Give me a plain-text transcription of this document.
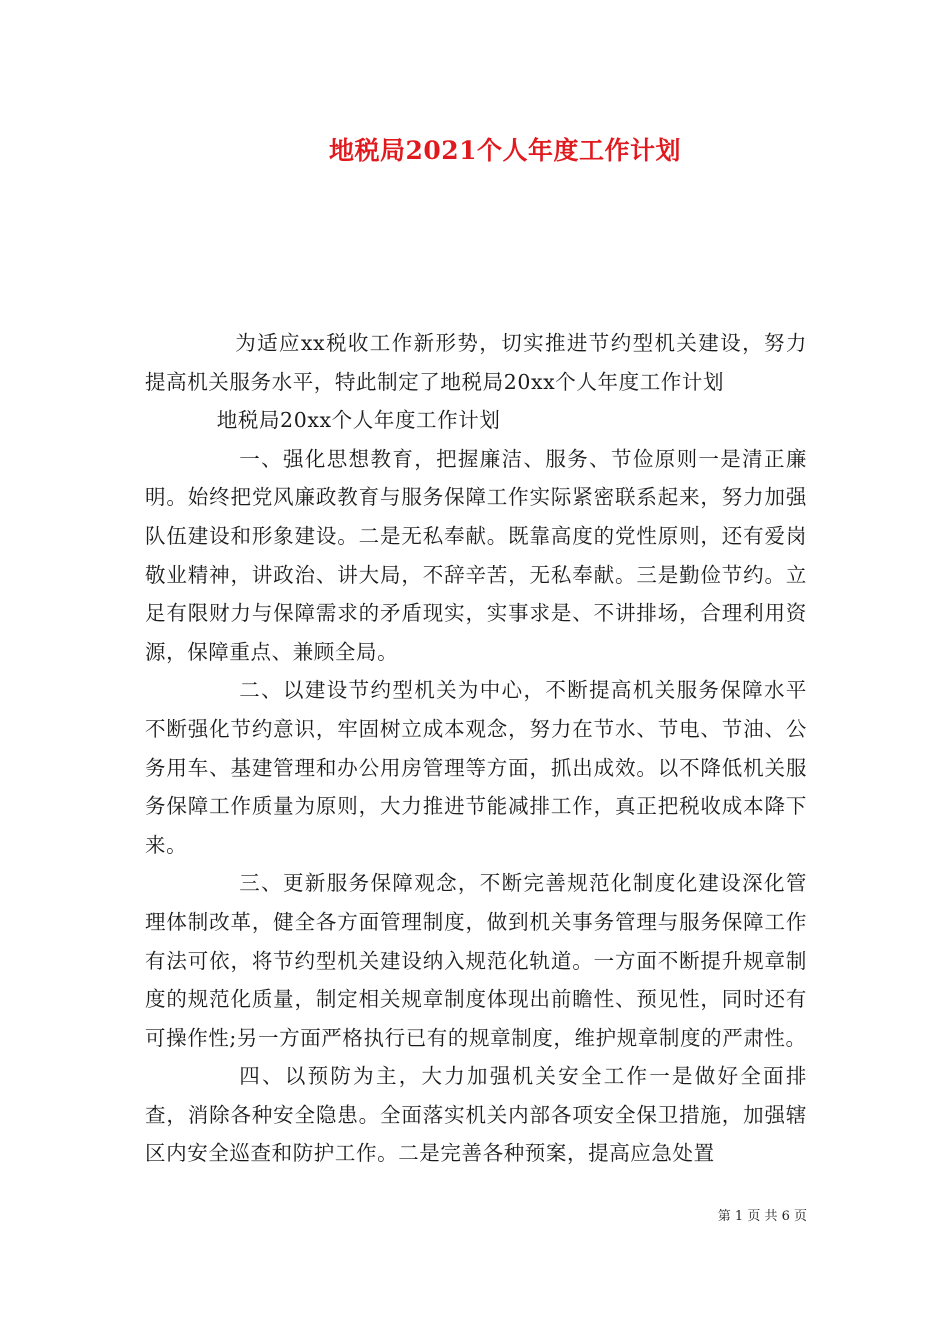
地税局2021个人年度工作计划

为适应xx税收工作新形势，切实推进节约型机关建设，努力提高机关服务水平，特此制定了地税局20xx个人年度工作计划

地税局20xx个人年度工作计划

一、强化思想教育，把握廉洁、服务、节俭原则一是清正廉明。始终把党风廉政教育与服务保障工作实际紧密联系起来，努力加强队伍建设和形象建设。二是无私奉献。既靠高度的党性原则，还有爱岗敬业精神，讲政治、讲大局，不辞辛苦，无私奉献。三是勤俭节约。立足有限财力与保障需求的矛盾现实，实事求是、不讲排场，合理利用资源，保障重点、兼顾全局。

二、以建设节约型机关为中心，不断提高机关服务保障水平不断强化节约意识，牢固树立成本观念，努力在节水、节电、节油、公务用车、基建管理和办公用房管理等方面，抓出成效。以不降低机关服务保障工作质量为原则，大力推进节能减排工作，真正把税收成本降下来。

三、更新服务保障观念，不断完善规范化制度化建设深化管理体制改革，健全各方面管理制度，做到机关事务管理与服务保障工作有法可依，将节约型机关建设纳入规范化轨道。一方面不断提升规章制度的规范化质量，制定相关规章制度体现出前瞻性、预见性，同时还有可操作性;另一方面严格执行已有的规章制度，维护规章制度的严肃性。

四、以预防为主，大力加强机关安全工作一是做好全面排查，消除各种安全隐患。全面落实机关内部各项安全保卫措施，加强辖区内安全巡查和防护工作。二是完善各种预案，提高应急处置

第 1 页 共 6 页
